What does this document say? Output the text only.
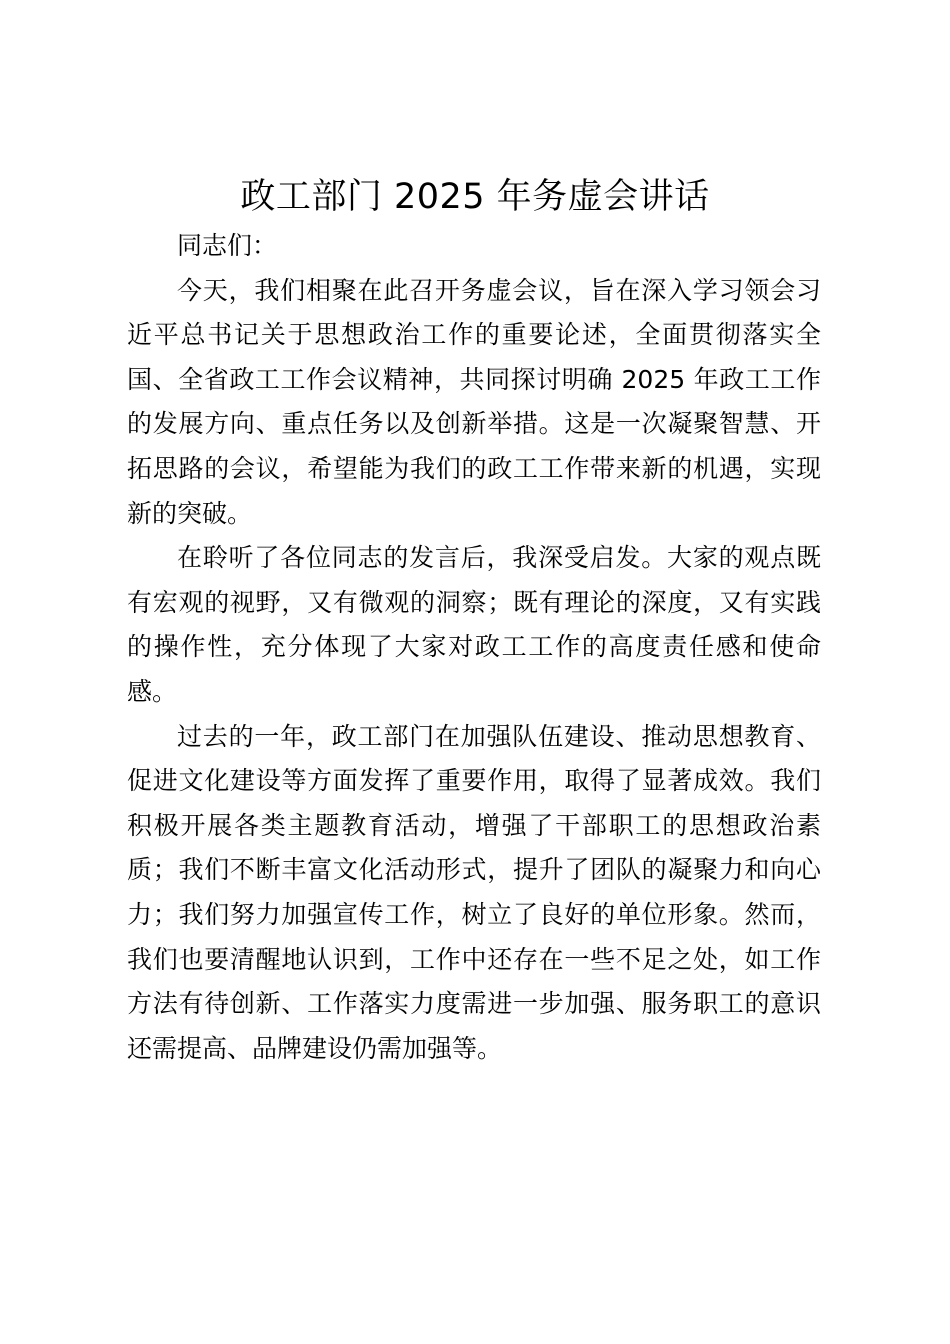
政工部门 2025 年务虚会讲话

同志们：

今天，我们相聚在此召开务虚会议，旨在深入学习领会习近平总书记关于思想政治工作的重要论述，全面贯彻落实全国、全省政工工作会议精神，共同探讨明确 2025 年政工工作的发展方向、重点任务以及创新举措。这是一次凝聚智慧、开拓思路的会议，希望能为我们的政工工作带来新的机遇，实现新的突破。

在聆听了各位同志的发言后，我深受启发。大家的观点既有宏观的视野，又有微观的洞察；既有理论的深度，又有实践的操作性，充分体现了大家对政工工作的高度责任感和使命感。

过去的一年，政工部门在加强队伍建设、推动思想教育、促进文化建设等方面发挥了重要作用，取得了显著成效。我们积极开展各类主题教育活动，增强了干部职工的思想政治素质；我们不断丰富文化活动形式，提升了团队的凝聚力和向心力；我们努力加强宣传工作，树立了良好的单位形象。然而，我们也要清醒地认识到，工作中还存在一些不足之处，如工作方法有待创新、工作落实力度需进一步加强、服务职工的意识还需提高、品牌建设仍需加强等。
